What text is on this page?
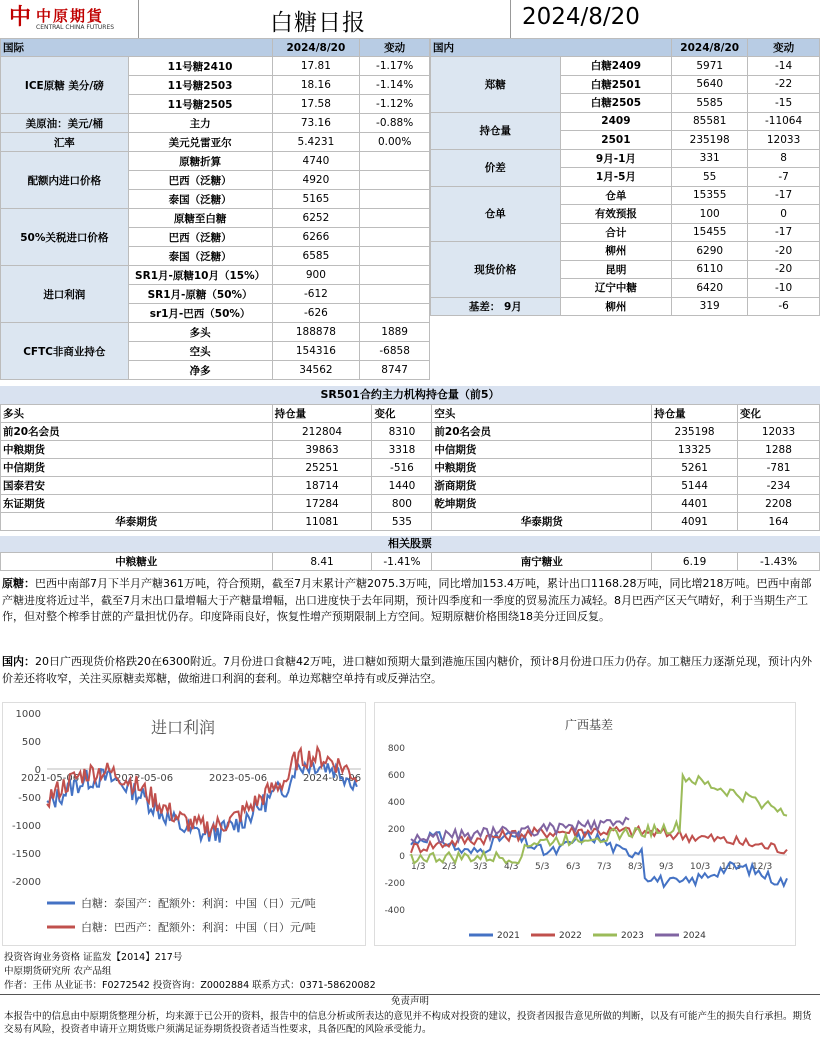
中 中原期貨
CENTRAL CHINA FUTURES	白糖日报	2024/8/20
国际		2024/8/20	变动
ICE原糖 美分/磅	11号糖2410	17.81	-1.17%
	11号糖2503	18.16	-1.14%
	11号糖2505	17.58	-1.12%
美原油：美元/桶	主力	73.16	-0.88%
汇率	美元兑雷亚尔	5.4231	0.00%
配额内进口价格	原糖折算	4740	
	巴西（泛糖）	4920	
	泰国（泛糖）	5165	
50%关税进口价格	原糖至白糖	6252	
	巴西（泛糖）	6266	
	泰国（泛糖）	6585	
进口利润	SR1月-原糖10月（15%）	900	
	SR1月-原糖（50%）	-612	
	sr1月-巴西（50%）	-626	
CFTC非商业持仓	多头	188878	1889
	空头	154316	-6858
	净多	34562	8747
国内		2024/8/20	变动
郑糖	白糖2409	5971	-14
	白糖2501	5640	-22
	白糖2505	5585	-15
持仓量	2409	85581	-11064
	2501	235198	12033
价差	9月-1月	331	8
	1月-5月	55	-7
仓单	仓单	15355	-17
	有效预报	100	0
	合计	15455	-17
现货价格	柳州	6290	-20
	昆明	6110	-20
	辽宁中糖	6420	-10
基差： 9月	柳州	319	-6
SR501合约主力机构持仓量（前5）
多头	持仓量	变化	空头	持仓量	变化
前20名会员	212804	8310	前20名会员	235198	12033
中粮期货	39863	3318	中信期货	13325	1288
中信期货	25251	-516	中粮期货	5261	-781
国泰君安	18714	1440	浙商期货	5144	-234
东证期货	17284	800	乾坤期货	4401	2208
华泰期货	11081	535	华泰期货	4091	164
相关股票
中粮糖业	8.41	-1.41%	南宁糖业	6.19	-1.43%
原糖：巴西中南部7月下半月产糖361万吨，符合预期，截至7月末累计产糖2075.3万吨，同比增加153.4万吨，累计出口1168.28万吨，同比增218万吨。巴西中南部产糖进度将近过半，截至7月末出口量增幅大于产糖量增幅，出口进度快于去年同期，预计四季度和一季度的贸易流压力减轻。8月巴西产区天气晴好，利于当期生产工作，但对整个榨季甘蔗的产量担忧仍存。印度降雨良好，恢复性增产预期限制上方空间。短期原糖价格围绕18美分迂回反复。
国内：20日广西现货价格跌20在6300附近。7月份进口食糖42万吨，进口糖如预期大量到港施压国内糖价，预计8月份进口压力仍存。加工糖压力逐渐兑现，预计内外价差还将收窄，关注买原糖卖郑糖，做缩进口利润的套利。单边郑糖空单持有或反弹沽空。
1000
500
0
-500
-1000
-1500
-2000
2021-05-06	2022-05-06	2023-05-06	2024-05-06
进口利润
白糖：泰国产：配额外：利润：中国（日）元/吨
白糖：巴西产：配额外：利润：中国（日）元/吨
广西基差
800
600
400
200
0
-200
-400
1/3 2/3 3/3 4/3 5/3 6/3 7/3 8/3 9/3 10/3 11/3 12/3
2021	2022	2023	2024
投资咨询业务资格 证监发【2014】217号
中原期货研究所 农产品组
作者：王伟 从业证书：F0272542 投资咨询：Z0002884 联系方式：0371-58620082
免责声明
本报告中的信息由中原期货整理分析，均来源于已公开的资料，报告中的信息分析或所表达的意见并不构成对投资的建议，投资者因报告意见所做的判断，以及有可能产生的损失自行承担。期货交易有风险，投资者申请开立期货账户须满足证券期货投资者适当性要求，具备匹配的风险承受能力。
